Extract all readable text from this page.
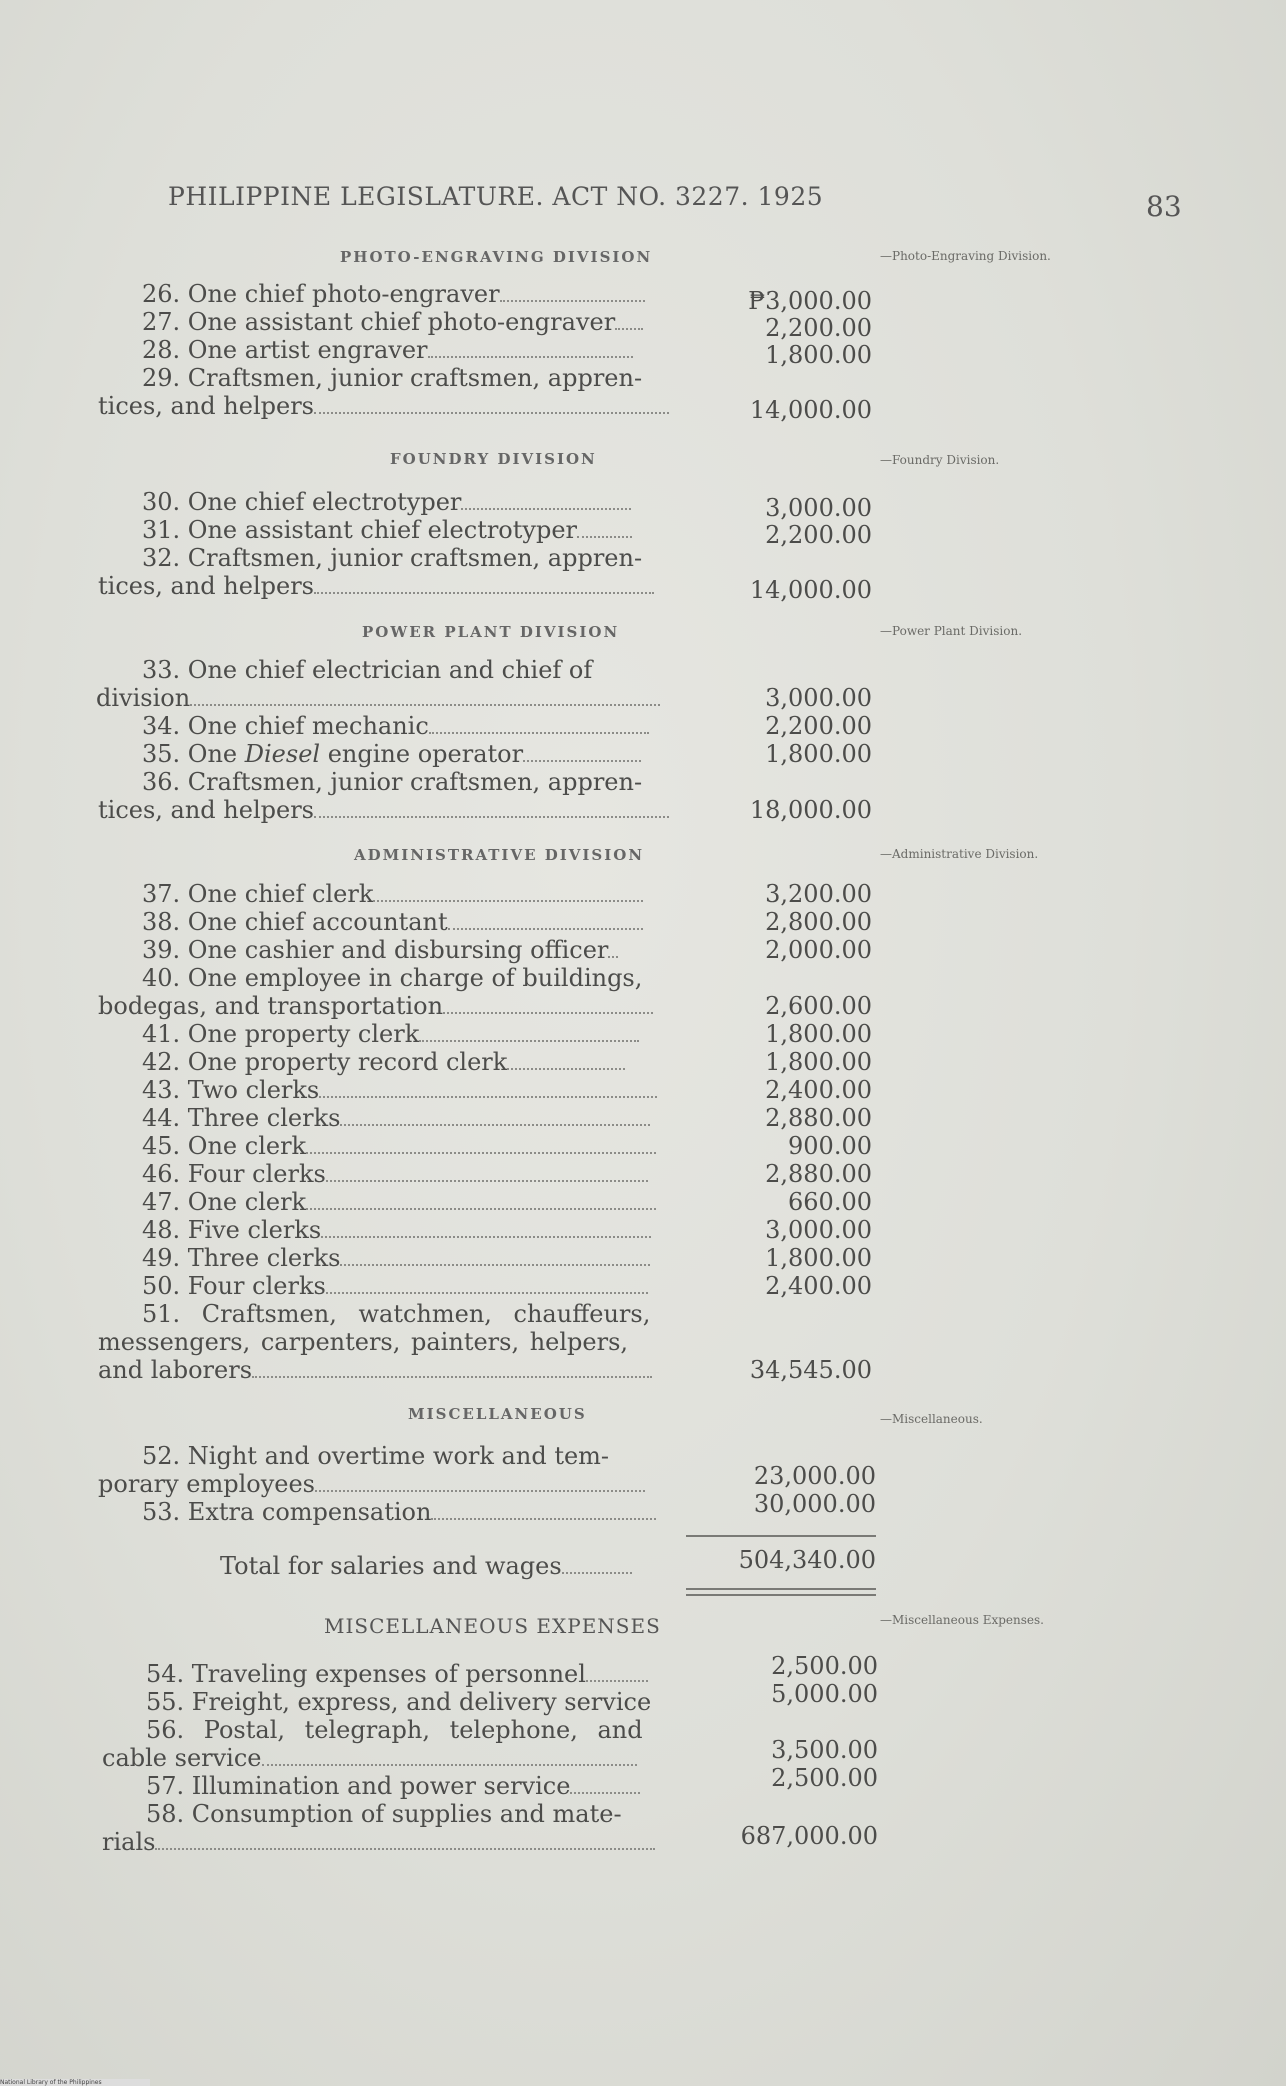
PHILIPPINE LEGISLATURE. ACT NO. 3227. 1925	83
PHOTO-ENGRAVING DIVISION	—Photo-Engraving Division.
26. One chief photo-engraver	₱3,000.00
27. One assistant chief photo-engraver	2,200.00
28. One artist engraver	1,800.00
29. Craftsmen, junior craftsmen, appren-
tices, and helpers	14,000.00
FOUNDRY DIVISION	—Foundry Division.
30. One chief electrotyper	3,000.00
31. One assistant chief electrotyper	2,200.00
32. Craftsmen, junior craftsmen, appren-
tices, and helpers	14,000.00
POWER PLANT DIVISION	—Power Plant Division.
33. One chief electrician and chief of
division	3,000.00
34. One chief mechanic	2,200.00
35. One Diesel engine operator	1,800.00
36. Craftsmen, junior craftsmen, appren-
tices, and helpers	18,000.00
ADMINISTRATIVE DIVISION	—Administrative Division.
37. One chief clerk	3,200.00
38. One chief accountant	2,800.00
39. One cashier and disbursing officer	2,000.00
40. One employee in charge of buildings,
bodegas, and transportation	2,600.00
41. One property clerk	1,800.00
42. One property record clerk	1,800.00
43. Two clerks	2,400.00
44. Three clerks	2,880.00
45. One clerk	900.00
46. Four clerks	2,880.00
47. One clerk	660.00
48. Five clerks	3,000.00
49. Three clerks	1,800.00
50. Four clerks	2,400.00
51. Craftsmen, watchmen, chauffeurs,
messengers, carpenters, painters, helpers,
and laborers	34,545.00
MISCELLANEOUS	—Miscellaneous.
52. Night and overtime work and tem-
porary employees	23,000.00
53. Extra compensation	30,000.00
Total for salaries and wages	504,340.00
MISCELLANEOUS EXPENSES	—Miscellaneous Expenses.
54. Traveling expenses of personnel	2,500.00
55. Freight, express, and delivery service	5,000.00
56. Postal, telegraph, telephone, and
cable service	3,500.00
57. Illumination and power service	2,500.00
58. Consumption of supplies and mate-
rials	687,000.00
National Library of the Philippines
